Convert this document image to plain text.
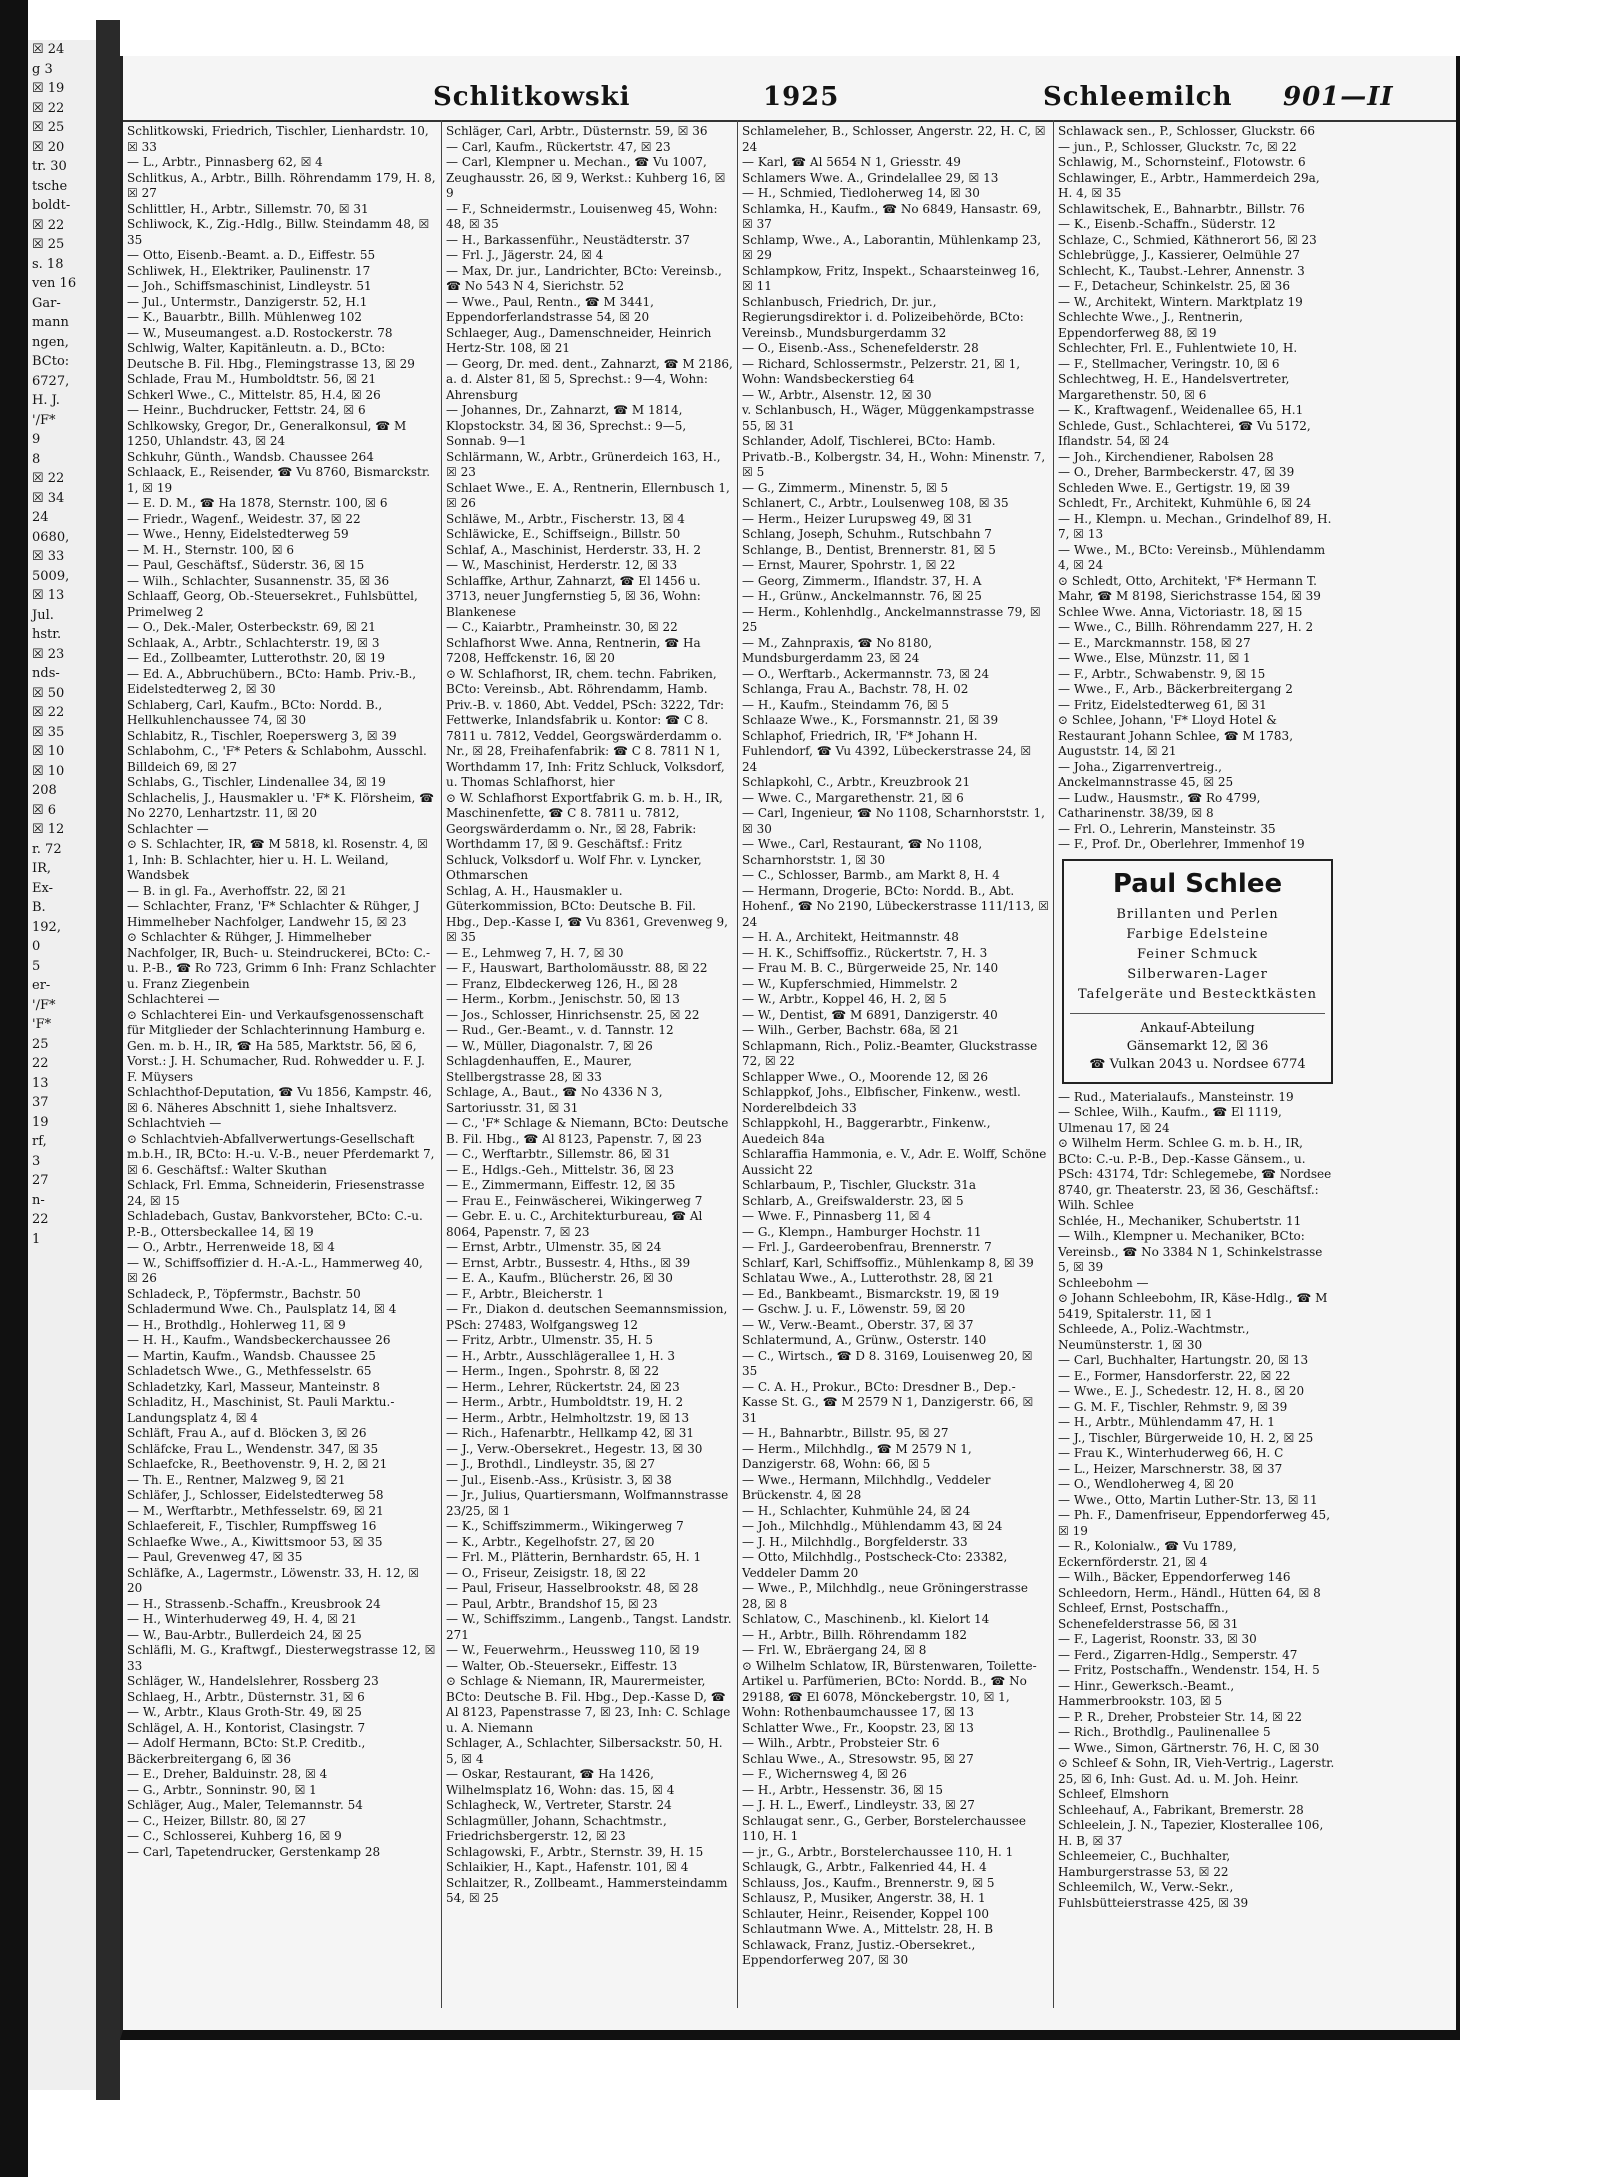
☒ 24
g 3
☒ 19
☒ 22
☒ 25
☒ 20
tr. 30
tsche
boldt-
☒ 22
☒ 25
s. 18
ven 16
Gar-
mann
ngen,
BCto:
6727,
H. J.
'/F*
9
8
☒ 22
☒ 34
24
0680,
☒ 33
5009,
☒ 13
Jul.
hstr.
☒ 23
nds-
☒ 50
☒ 22
☒ 35
☒ 10
☒ 10
208
☒ 6
☒ 12
r. 72
IR,
Ex-
B.
192,
0
5
er-
'/F*
'F*
25
22
13
37
19
rf,
3
27
n-
22
1
Schlitkowski	1925	Schleemilch 901—II
Schlitkowski, Friedrich, Tischler, Lienhardstr. 10, ☒ 33
— L., Arbtr., Pinnasberg 62, ☒ 4
Schlitkus, A., Arbtr., Billh. Röhrendamm 179, H. 8, ☒ 27
Schlittler, H., Arbtr., Sillemstr. 70, ☒ 31
Schliwock, K., Zig.-Hdlg., Billw. Steindamm 48, ☒ 35
— Otto, Eisenb.-Beamt. a. D., Eiffestr. 55
Schliwek, H., Elektriker, Paulinenstr. 17
— Joh., Schiffsmaschinist, Lindleystr. 51
— Jul., Untermstr., Danzigerstr. 52, H.1
— K., Bauarbtr., Billh. Mühlenweg 102
— W., Museumangest. a.D. Rostockerstr. 78
Schlwig, Walter, Kapitänleutn. a. D., BCto: Deutsche B. Fil. Hbg., Flemingstrasse 13, ☒ 29
Schlade, Frau M., Humboldtstr. 56, ☒ 21
Schkerl Wwe., C., Mittelstr. 85, H.4, ☒ 26
— Heinr., Buchdrucker, Fettstr. 24, ☒ 6
Schlkowsky, Gregor, Dr., Generalkonsul, ☎ M 1250, Uhlandstr. 43, ☒ 24
Schkuhr, Günth., Wandsb. Chaussee 264
Schlaack, E., Reisender, ☎ Vu 8760, Bismarckstr. 1, ☒ 19
— E. D. M., ☎ Ha 1878, Sternstr. 100, ☒ 6
— Friedr., Wagenf., Weidestr. 37, ☒ 22
— Wwe., Henny, Eidelstedterweg 59
— M. H., Sternstr. 100, ☒ 6
— Paul, Geschäftsf., Süderstr. 36, ☒ 15
— Wilh., Schlachter, Susannenstr. 35, ☒ 36
Schlaaff, Georg, Ob.-Steuersekret., Fuhlsbüttel, Primelweg 2
— O., Dek.-Maler, Osterbeckstr. 69, ☒ 21
Schlaak, A., Arbtr., Schlachterstr. 19, ☒ 3
— Ed., Zollbeamter, Lutterothstr. 20, ☒ 19
— Ed. A., Abbruchübern., BCto: Hamb. Priv.-B., Eidelstedterweg 2, ☒ 30
Schlaberg, Carl, Kaufm., BCto: Nordd. B., Hellkuhlenchaussee 74, ☒ 30
Schlabitz, R., Tischler, Roeperswerg 3, ☒ 39
Schlabohm, C., 'F* Peters & Schlabohm, Ausschl. Billdeich 69, ☒ 27
Schlabs, G., Tischler, Lindenallee 34, ☒ 19
Schlachelis, J., Hausmakler u. 'F* K. Flörsheim, ☎ No 2270, Lenhartzstr. 11, ☒ 20
Schlachter —
⊙ S. Schlachter, IR, ☎ M 5818, kl. Rosenstr. 4, ☒ 1, Inh: B. Schlachter, hier u. H. L. Weiland, Wandsbek
— B. in gl. Fa., Averhoffstr. 22, ☒ 21
— Schlachter, Franz, 'F* Schlachter & Rühger, J Himmelheber Nachfolger, Landwehr 15, ☒ 23
⊙ Schlachter & Rühger, J. Himmelheber Nachfolger, IR, Buch- u. Steindruckerei, BCto: C.-u. P.-B., ☎ Ro 723, Grimm 6 Inh: Franz Schlachter u. Franz Ziegenbein
Schlachterei —
⊙ Schlachterei Ein- und Verkaufsgenossenschaft für Mitglieder der Schlachterinnung Hamburg e. Gen. m. b. H., IR, ☎ Ha 585, Marktstr. 56, ☒ 6, Vorst.: J. H. Schumacher, Rud. Rohwedder u. F. J. F. Müysers
Schlachthof-Deputation, ☎ Vu 1856, Kampstr. 46, ☒ 6. Näheres Abschnitt 1, siehe Inhaltsverz.
Schlachtvieh —
⊙ Schlachtvieh-Abfallverwertungs-Gesellschaft m.b.H., IR, BCto: H.-u. V.-B., neuer Pferdemarkt 7, ☒ 6. Geschäftsf.: Walter Skuthan
Schlack, Frl. Emma, Schneiderin, Friesenstrasse 24, ☒ 15
Schladebach, Gustav, Bankvorsteher, BCto: C.-u. P.-B., Ottersbeckallee 14, ☒ 19
— O., Arbtr., Herrenweide 18, ☒ 4
— W., Schiffsoffizier d. H.-A.-L., Hammerweg 40, ☒ 26
Schladeck, P., Töpfermstr., Bachstr. 50
Schladermund Wwe. Ch., Paulsplatz 14, ☒ 4
— H., Brothdlg., Hohlerweg 11, ☒ 9
— H. H., Kaufm., Wandsbeckerchaussee 26
— Martin, Kaufm., Wandsb. Chaussee 25
Schladetsch Wwe., G., Methfesselstr. 65
Schladetzky, Karl, Masseur, Manteinstr. 8
Schladitz, H., Maschinist, St. Pauli Marktu.-Landungsplatz 4, ☒ 4
Schläft, Frau A., auf d. Blöcken 3, ☒ 26
Schläfcke, Frau L., Wendenstr. 347, ☒ 35
Schlaefcke, R., Beethovenstr. 9, H. 2, ☒ 21
— Th. E., Rentner, Malzweg 9, ☒ 21
Schläfer, J., Schlosser, Eidelstedterweg 58
— M., Werftarbtr., Methfesselstr. 69, ☒ 21
Schlaefereit, F., Tischler, Rumpffsweg 16
Schlaefke Wwe., A., Kiwittsmoor 53, ☒ 35
— Paul, Grevenweg 47, ☒ 35
Schläfke, A., Lagermstr., Löwenstr. 33, H. 12, ☒ 20
— H., Strassenb.-Schaffn., Kreusbrook 24
— H., Winterhuderweg 49, H. 4, ☒ 21
— W., Bau-Arbtr., Bullerdeich 24, ☒ 25
Schläfli, M. G., Kraftwgf., Diesterwegstrasse 12, ☒ 33
Schläger, W., Handelslehrer, Rossberg 23
Schlaeg, H., Arbtr., Düsternstr. 31, ☒ 6
— W., Arbtr., Klaus Groth-Str. 49, ☒ 25
Schlägel, A. H., Kontorist, Clasingstr. 7
— Adolf Hermann, BCto: St.P. Creditb., Bäckerbreitergang 6, ☒ 36
— E., Dreher, Balduinstr. 28, ☒ 4
— G., Arbtr., Sonninstr. 90, ☒ 1
Schläger, Aug., Maler, Telemannstr. 54
— C., Heizer, Billstr. 80, ☒ 27
— C., Schlosserei, Kuhberg 16, ☒ 9
— Carl, Tapetendrucker, Gerstenkamp 28
Schläger, Carl, Arbtr., Düsternstr. 59, ☒ 36
— Carl, Kaufm., Rückertstr. 47, ☒ 23
— Carl, Klempner u. Mechan., ☎ Vu 1007, Zeughausstr. 26, ☒ 9, Werkst.: Kuhberg 16, ☒ 9
— F., Schneidermstr., Louisenweg 45, Wohn: 48, ☒ 35
— H., Barkassenführ., Neustädterstr. 37
— Frl. J., Jägerstr. 24, ☒ 4
— Max, Dr. jur., Landrichter, BCto: Vereinsb., ☎ No 543 N 4, Sierichstr. 52
— Wwe., Paul, Rentn., ☎ M 3441, Eppendorferlandstrasse 54, ☒ 20
Schlaeger, Aug., Damenschneider, Heinrich Hertz-Str. 108, ☒ 21
— Georg, Dr. med. dent., Zahnarzt, ☎ M 2186, a. d. Alster 81, ☒ 5, Sprechst.: 9—4, Wohn: Ahrensburg
— Johannes, Dr., Zahnarzt, ☎ M 1814, Klopstockstr. 34, ☒ 36, Sprechst.: 9—5, Sonnab. 9—1
Schlärmann, W., Arbtr., Grünerdeich 163, H., ☒ 23
Schlaet Wwe., E. A., Rentnerin, Ellernbusch 1, ☒ 26
Schläwe, M., Arbtr., Fischerstr. 13, ☒ 4
Schläwicke, E., Schiffseign., Billstr. 50
Schlaf, A., Maschinist, Herderstr. 33, H. 2
— W., Maschinist, Herderstr. 12, ☒ 33
Schlaffke, Arthur, Zahnarzt, ☎ El 1456 u. 3713, neuer Jungfernstieg 5, ☒ 36, Wohn: Blankenese
— C., Kaiarbtr., Pramheinstr. 30, ☒ 22
Schlafhorst Wwe. Anna, Rentnerin, ☎ Ha 7208, Heffckenstr. 16, ☒ 20
⊙ W. Schlafhorst, IR, chem. techn. Fabriken, BCto: Vereinsb., Abt. Röhrendamm, Hamb. Priv.-B. v. 1860, Abt. Veddel, PSch: 3222, Tdr: Fettwerke, Inlandsfabrik u. Kontor: ☎ C 8. 7811 u. 7812, Veddel, Georgswärderdamm o. Nr., ☒ 28, Freihafenfabrik: ☎ C 8. 7811 N 1, Worthdamm 17, Inh: Fritz Schluck, Volksdorf, u. Thomas Schlafhorst, hier
⊙ W. Schlafhorst Exportfabrik G. m. b. H., IR, Maschinenfette, ☎ C 8. 7811 u. 7812, Georgswärderdamm o. Nr., ☒ 28, Fabrik: Worthdamm 17, ☒ 9. Geschäftsf.: Fritz Schluck, Volksdorf u. Wolf Fhr. v. Lyncker, Othmarschen
Schlag, A. H., Hausmakler u. Güterkommission, BCto: Deutsche B. Fil. Hbg., Dep.-Kasse I, ☎ Vu 8361, Grevenweg 9, ☒ 35
— E., Lehmweg 7, H. 7, ☒ 30
— F., Hauswart, Bartholomäusstr. 88, ☒ 22
— Franz, Elbdeckerweg 126, H., ☒ 28
— Herm., Korbm., Jenischstr. 50, ☒ 13
— Jos., Schlosser, Hinrichsenstr. 25, ☒ 22
— Rud., Ger.-Beamt., v. d. Tannstr. 12
— W., Müller, Diagonalstr. 7, ☒ 26
Schlagdenhauffen, E., Maurer, Stellbergstrasse 28, ☒ 33
Schlage, A., Baut., ☎ No 4336 N 3, Sartoriusstr. 31, ☒ 31
— C., 'F* Schlage & Niemann, BCto: Deutsche B. Fil. Hbg., ☎ Al 8123, Papenstr. 7, ☒ 23
— C., Werftarbtr., Sillemstr. 86, ☒ 31
— E., Hdlgs.-Geh., Mittelstr. 36, ☒ 23
— E., Zimmermann, Eiffestr. 12, ☒ 35
— Frau E., Feinwäscherei, Wikingerweg 7
— Gebr. E. u. C., Architekturbureau, ☎ Al 8064, Papenstr. 7, ☒ 23
— Ernst, Arbtr., Ulmenstr. 35, ☒ 24
— Ernst, Arbtr., Bussestr. 4, Hths., ☒ 39
— E. A., Kaufm., Blücherstr. 26, ☒ 30
— F., Arbtr., Bleicherstr. 1
— Fr., Diakon d. deutschen Seemannsmission, PSch: 27483, Wolfgangsweg 12
— Fritz, Arbtr., Ulmenstr. 35, H. 5
— H., Arbtr., Ausschlägerallee 1, H. 3
— Herm., Ingen., Spohrstr. 8, ☒ 22
— Herm., Lehrer, Rückertstr. 24, ☒ 23
— Herm., Arbtr., Humboldtstr. 19, H. 2
— Herm., Arbtr., Helmholtzstr. 19, ☒ 13
— Rich., Hafenarbtr., Hellkamp 42, ☒ 31
— J., Verw.-Obersekret., Hegestr. 13, ☒ 30
— J., Brothdl., Lindleystr. 35, ☒ 27
— Jul., Eisenb.-Ass., Krüsistr. 3, ☒ 38
— Jr., Julius, Quartiersmann, Wolfmannstrasse 23/25, ☒ 1
— K., Schiffszimmerm., Wikingerweg 7
— K., Arbtr., Kegelhofstr. 27, ☒ 20
— Frl. M., Plätterin, Bernhardstr. 65, H. 1
— O., Friseur, Zeisigstr. 18, ☒ 22
— Paul, Friseur, Hasselbrookstr. 48, ☒ 28
— Paul, Arbtr., Brandshof 15, ☒ 23
— W., Schiffszimm., Langenb., Tangst. Landstr. 271
— W., Feuerwehrm., Heussweg 110, ☒ 19
— Walter, Ob.-Steuersekr., Eiffestr. 13
⊙ Schlage & Niemann, IR, Maurermeister, BCto: Deutsche B. Fil. Hbg., Dep.-Kasse D, ☎ Al 8123, Papenstrasse 7, ☒ 23, Inh: C. Schlage u. A. Niemann
Schlager, A., Schlachter, Silbersackstr. 50, H. 5, ☒ 4
— Oskar, Restaurant, ☎ Ha 1426, Wilhelmsplatz 16, Wohn: das. 15, ☒ 4
Schlagheck, W., Vertreter, Starstr. 24
Schlagmüller, Johann, Schachtmstr., Friedrichsbergerstr. 12, ☒ 23
Schlagowski, F., Arbtr., Sternstr. 39, H. 15
Schlaikier, H., Kapt., Hafenstr. 101, ☒ 4
Schlaitzer, R., Zollbeamt., Hammersteindamm 54, ☒ 25
Schlameleher, B., Schlosser, Angerstr. 22, H. C, ☒ 24
— Karl, ☎ Al 5654 N 1, Griesstr. 49
Schlamers Wwe. A., Grindelallee 29, ☒ 13
— H., Schmied, Tiedloherweg 14, ☒ 30
Schlamka, H., Kaufm., ☎ No 6849, Hansastr. 69, ☒ 37
Schlamp, Wwe., A., Laborantin, Mühlenkamp 23, ☒ 29
Schlampkow, Fritz, Inspekt., Schaarsteinweg 16, ☒ 11
Schlanbusch, Friedrich, Dr. jur., Regierungsdirektor i. d. Polizeibehörde, BCto: Vereinsb., Mundsburgerdamm 32
— O., Eisenb.-Ass., Schenefelderstr. 28
— Richard, Schlossermstr., Pelzerstr. 21, ☒ 1, Wohn: Wandsbeckerstieg 64
— W., Arbtr., Alsenstr. 12, ☒ 30
v. Schlanbusch, H., Wäger, Müggenkampstrasse 55, ☒ 31
Schlander, Adolf, Tischlerei, BCto: Hamb. Privatb.-B., Kolbergstr. 34, H., Wohn: Minenstr. 7, ☒ 5
— G., Zimmerm., Minenstr. 5, ☒ 5
Schlanert, C., Arbtr., Loulsenweg 108, ☒ 35
— Herm., Heizer Lurupsweg 49, ☒ 31
Schlang, Joseph, Schuhm., Rutschbahn 7
Schlange, B., Dentist, Brennerstr. 81, ☒ 5
— Ernst, Maurer, Spohrstr. 1, ☒ 22
— Georg, Zimmerm., Iflandstr. 37, H. A
— H., Grünw., Anckelmannstr. 76, ☒ 25
— Herm., Kohlenhdlg., Anckelmannstrasse 79, ☒ 25
— M., Zahnpraxis, ☎ No 8180, Mundsburgerdamm 23, ☒ 24
— O., Werftarb., Ackermannstr. 73, ☒ 24
Schlanga, Frau A., Bachstr. 78, H. 02
— H., Kaufm., Steindamm 76, ☒ 5
Schlaaze Wwe., K., Forsmannstr. 21, ☒ 39
Schlaphof, Friedrich, IR, 'F* Johann H. Fuhlendorf, ☎ Vu 4392, Lübeckerstrasse 24, ☒ 24
Schlapkohl, C., Arbtr., Kreuzbrook 21
— Wwe. C., Margarethenstr. 21, ☒ 6
— Carl, Ingenieur, ☎ No 1108, Scharnhorststr. 1, ☒ 30
— Wwe., Carl, Restaurant, ☎ No 1108, Scharnhorststr. 1, ☒ 30
— C., Schlosser, Barmb., am Markt 8, H. 4
— Hermann, Drogerie, BCto: Nordd. B., Abt. Hohenf., ☎ No 2190, Lübeckerstrasse 111/113, ☒ 24
— H. A., Architekt, Heitmannstr. 48
— H. K., Schiffsoffiz., Rückertstr. 7, H. 3
— Frau M. B. C., Bürgerweide 25, Nr. 140
— W., Kupferschmied, Himmelstr. 2
— W., Arbtr., Koppel 46, H. 2, ☒ 5
— W., Dentist, ☎ M 6891, Danzigerstr. 40
— Wilh., Gerber, Bachstr. 68a, ☒ 21
Schlapmann, Rich., Poliz.-Beamter, Gluckstrasse 72, ☒ 22
Schlapper Wwe., O., Moorende 12, ☒ 26
Schlappkof, Johs., Elbfischer, Finkenw., westl. Norderelbdeich 33
Schlappkohl, H., Baggerarbtr., Finkenw., Auedeich 84a
Schlaraffia Hammonia, e. V., Adr. E. Wolff, Schöne Aussicht 22
Schlarbaum, P., Tischler, Gluckstr. 31a
Schlarb, A., Greifswalderstr. 23, ☒ 5
— Wwe. F., Pinnasberg 11, ☒ 4
— G., Klempn., Hamburger Hochstr. 11
— Frl. J., Gardeerobenfrau, Brennerstr. 7
Schlarf, Karl, Schiffsoffiz., Mühlenkamp 8, ☒ 39
Schlatau Wwe., A., Lutterothstr. 28, ☒ 21
— Ed., Bankbeamt., Bismarckstr. 19, ☒ 19
— Gschw. J. u. F., Löwenstr. 59, ☒ 20
— W., Verw.-Beamt., Oberstr. 37, ☒ 37
Schlatermund, A., Grünw., Osterstr. 140
— C., Wirtsch., ☎ D 8. 3169, Louisenweg 20, ☒ 35
— C. A. H., Prokur., BCto: Dresdner B., Dep.-Kasse St. G., ☎ M 2579 N 1, Danzigerstr. 66, ☒ 31
— H., Bahnarbtr., Billstr. 95, ☒ 27
— Herm., Milchhdlg., ☎ M 2579 N 1, Danzigerstr. 68, Wohn: 66, ☒ 5
— Wwe., Hermann, Milchhdlg., Veddeler Brückenstr. 4, ☒ 28
— H., Schlachter, Kuhmühle 24, ☒ 24
— Joh., Milchhdlg., Mühlendamm 43, ☒ 24
— J. H., Milchhdlg., Borgfelderstr. 33
— Otto, Milchhdlg., Postscheck-Cto: 23382, Veddeler Damm 20
— Wwe., P., Milchhdlg., neue Gröningerstrasse 28, ☒ 8
Schlatow, C., Maschinenb., kl. Kielort 14
— H., Arbtr., Billh. Röhrendamm 182
— Frl. W., Ebräergang 24, ☒ 8
⊙ Wilhelm Schlatow, IR, Bürstenwaren, Toilette-Artikel u. Parfümerien, BCto: Nordd. B., ☎ No 29188, ☎ El 6078, Mönckebergstr. 10, ☒ 1, Wohn: Rothenbaumchaussee 17, ☒ 13
Schlatter Wwe., Fr., Koopstr. 23, ☒ 13
— Wilh., Arbtr., Probsteier Str. 6
Schlau Wwe., A., Stresowstr. 95, ☒ 27
— F., Wichernsweg 4, ☒ 26
— H., Arbtr., Hessenstr. 36, ☒ 15
— J. H. L., Ewerf., Lindleystr. 33, ☒ 27
Schlaugat senr., G., Gerber, Borstelerchaussee 110, H. 1
— jr., G., Arbtr., Borstelerchaussee 110, H. 1
Schlaugk, G., Arbtr., Falkenried 44, H. 4
Schlauss, Jos., Kaufm., Brennerstr. 9, ☒ 5
Schlausz, P., Musiker, Angerstr. 38, H. 1
Schlauter, Heinr., Reisender, Koppel 100
Schlautmann Wwe. A., Mittelstr. 28, H. B
Schlawack, Franz, Justiz.-Obersekret., Eppendorferweg 207, ☒ 30
Schlawack sen., P., Schlosser, Gluckstr. 66
— jun., P., Schlosser, Gluckstr. 7c, ☒ 22
Schlawig, M., Schornsteinf., Flotowstr. 6
Schlawinger, E., Arbtr., Hammerdeich 29a, H. 4, ☒ 35
Schlawitschek, E., Bahnarbtr., Billstr. 76
— K., Eisenb.-Schaffn., Süderstr. 12
Schlaze, C., Schmied, Käthnerort 56, ☒ 23
Schlebrügge, J., Kassierer, Oelmühle 27
Schlecht, K., Taubst.-Lehrer, Annenstr. 3
— F., Detacheur, Schinkelstr. 25, ☒ 36
— W., Architekt, Wintern. Marktplatz 19
Schlechte Wwe., J., Rentnerin, Eppendorferweg 88, ☒ 19
Schlechter, Frl. E., Fuhlentwiete 10, H.
— F., Stellmacher, Veringstr. 10, ☒ 6
Schlechtweg, H. E., Handelsvertreter, Margarethenstr. 50, ☒ 6
— K., Kraftwagenf., Weidenallee 65, H.1
Schlede, Gust., Schlachterei, ☎ Vu 5172, Iflandstr. 54, ☒ 24
— Joh., Kirchendiener, Rabolsen 28
— O., Dreher, Barmbeckerstr. 47, ☒ 39
Schleden Wwe. E., Gertigstr. 19, ☒ 39
Schledt, Fr., Architekt, Kuhmühle 6, ☒ 24
— H., Klempn. u. Mechan., Grindelhof 89, H. 7, ☒ 13
— Wwe., M., BCto: Vereinsb., Mühlendamm 4, ☒ 24
⊙ Schledt, Otto, Architekt, 'F* Hermann T. Mahr, ☎ M 8198, Sierichstrasse 154, ☒ 39
Schlee Wwe. Anna, Victoriastr. 18, ☒ 15
— Wwe., C., Billh. Röhrendamm 227, H. 2
— E., Marckmannstr. 158, ☒ 27
— Wwe., Else, Münzstr. 11, ☒ 1
— F., Arbtr., Schwabenstr. 9, ☒ 15
— Wwe., F., Arb., Bäckerbreitergang 2
— Fritz, Eidelstedterweg 61, ☒ 31
⊙ Schlee, Johann, 'F* Lloyd Hotel & Restaurant Johann Schlee, ☎ M 1783, Auguststr. 14, ☒ 21
— Joha., Zigarrenvertreig., Anckelmannstrasse 45, ☒ 25
— Ludw., Hausmstr., ☎ Ro 4799, Catharinenstr. 38/39, ☒ 8
— Frl. O., Lehrerin, Mansteinstr. 35
— F., Prof. Dr., Oberlehrer, Immenhof 19
Paul Schlee
Brillanten und Perlen
Farbige Edelsteine
Feiner Schmuck
Silberwaren-Lager
Tafelgeräte und Bestecktkästen
Ankauf-Abteilung
Gänsemarkt 12, ☒ 36
☎ Vulkan 2043 u. Nordsee 6774
— Rud., Materialaufs., Mansteinstr. 19
— Schlee, Wilh., Kaufm., ☎ El 1119, Ulmenau 17, ☒ 24
⊙ Wilhelm Herm. Schlee G. m. b. H., IR, BCto: C.-u. P.-B., Dep.-Kasse Gänsem., u. PSch: 43174, Tdr: Schlegemebe, ☎ Nordsee 8740, gr. Theaterstr. 23, ☒ 36, Geschäftsf.: Wilh. Schlee
Schlée, H., Mechaniker, Schubertstr. 11
— Wilh., Klempner u. Mechaniker, BCto: Vereinsb., ☎ No 3384 N 1, Schinkelstrasse 5, ☒ 39
Schleebohm —
⊙ Johann Schleebohm, IR, Käse-Hdlg., ☎ M 5419, Spitalerstr. 11, ☒ 1
Schleede, A., Poliz.-Wachtmstr., Neumünsterstr. 1, ☒ 30
— Carl, Buchhalter, Hartungstr. 20, ☒ 13
— E., Former, Hansdorferstr. 22, ☒ 22
— Wwe., E. J., Schedestr. 12, H. 8., ☒ 20
— G. M. F., Tischler, Rehmstr. 9, ☒ 39
— H., Arbtr., Mühlendamm 47, H. 1
— J., Tischler, Bürgerweide 10, H. 2, ☒ 25
— Frau K., Winterhuderweg 66, H. C
— L., Heizer, Marschnerstr. 38, ☒ 37
— O., Wendloherweg 4, ☒ 20
— Wwe., Otto, Martin Luther-Str. 13, ☒ 11
— Ph. F., Damenfriseur, Eppendorferweg 45, ☒ 19
— R., Kolonialw., ☎ Vu 1789, Eckernförderstr. 21, ☒ 4
— Wilh., Bäcker, Eppendorferweg 146
Schleedorn, Herm., Händl., Hütten 64, ☒ 8
Schleef, Ernst, Postschaffn., Schenefelderstrasse 56, ☒ 31
— F., Lagerist, Roonstr. 33, ☒ 30
— Ferd., Zigarren-Hdlg., Semperstr. 47
— Fritz, Postschaffn., Wendenstr. 154, H. 5
— Hinr., Gewerksch.-Beamt., Hammerbrookstr. 103, ☒ 5
— P. R., Dreher, Probsteier Str. 14, ☒ 22
— Rich., Brothdlg., Paulinenallee 5
— Wwe., Simon, Gärtnerstr. 76, H. C, ☒ 30
⊙ Schleef & Sohn, IR, Vieh-Vertrig., Lagerstr. 25, ☒ 6, Inh: Gust. Ad. u. M. Joh. Heinr. Schleef, Elmshorn
Schleehauf, A., Fabrikant, Bremerstr. 28
Schleelein, J. N., Tapezier, Klosterallee 106, H. B, ☒ 37
Schleemeier, C., Buchhalter, Hamburgerstrasse 53, ☒ 22
Schleemilch, W., Verw.-Sekr., Fuhlsbütteierstrasse 425, ☒ 39
